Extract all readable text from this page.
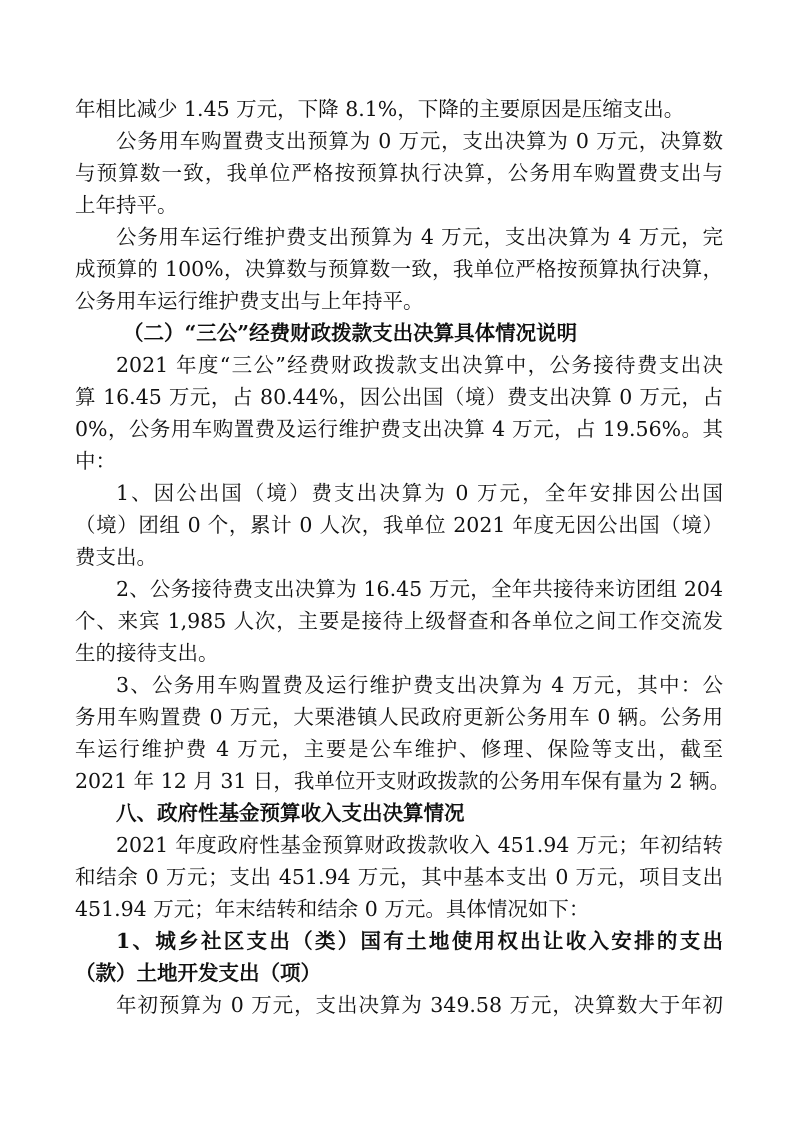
年相比减少 1.45 万元，下降 8.1%，下降的主要原因是压缩支出。
公务用车购置费支出预算为 0 万元，支出决算为 0 万元，决算数
与预算数一致，我单位严格按预算执行决算，公务用车购置费支出与
上年持平。
公务用车运行维护费支出预算为 4 万元，支出决算为 4 万元，完
成预算的 100%，决算数与预算数一致，我单位严格按预算执行决算，
公务用车运行维护费支出与上年持平。
（二）“三公”经费财政拨款支出决算具体情况说明
2021 年度“三公”经费财政拨款支出决算中，公务接待费支出决
算 16.45 万元，占 80.44%，因公出国（境）费支出决算 0 万元，占
0%，公务用车购置费及运行维护费支出决算 4 万元，占 19.56%。其
中：
1、因公出国（境）费支出决算为 0 万元，全年安排因公出国
（境）团组 0 个，累计 0 人次，我单位 2021 年度无因公出国（境）
费支出。
2、公务接待费支出决算为 16.45 万元，全年共接待来访团组 204
个、来宾 1,985 人次，主要是接待上级督查和各单位之间工作交流发
生的接待支出。
3、公务用车购置费及运行维护费支出决算为 4 万元，其中：公
务用车购置费 0 万元，大栗港镇人民政府更新公务用车 0 辆。公务用
车运行维护费 4 万元，主要是公车维护、修理、保险等支出，截至
2021 年 12 月 31 日，我单位开支财政拨款的公务用车保有量为 2 辆。
八、政府性基金预算收入支出决算情况
2021 年度政府性基金预算财政拨款收入 451.94 万元；年初结转
和结余 0 万元；支出 451.94 万元，其中基本支出 0 万元，项目支出
451.94 万元；年末结转和结余 0 万元。具体情况如下：
1、城乡社区支出（类）国有土地使用权出让收入安排的支出
（款）土地开发支出（项）
年初预算为 0 万元，支出决算为 349.58 万元，决算数大于年初
